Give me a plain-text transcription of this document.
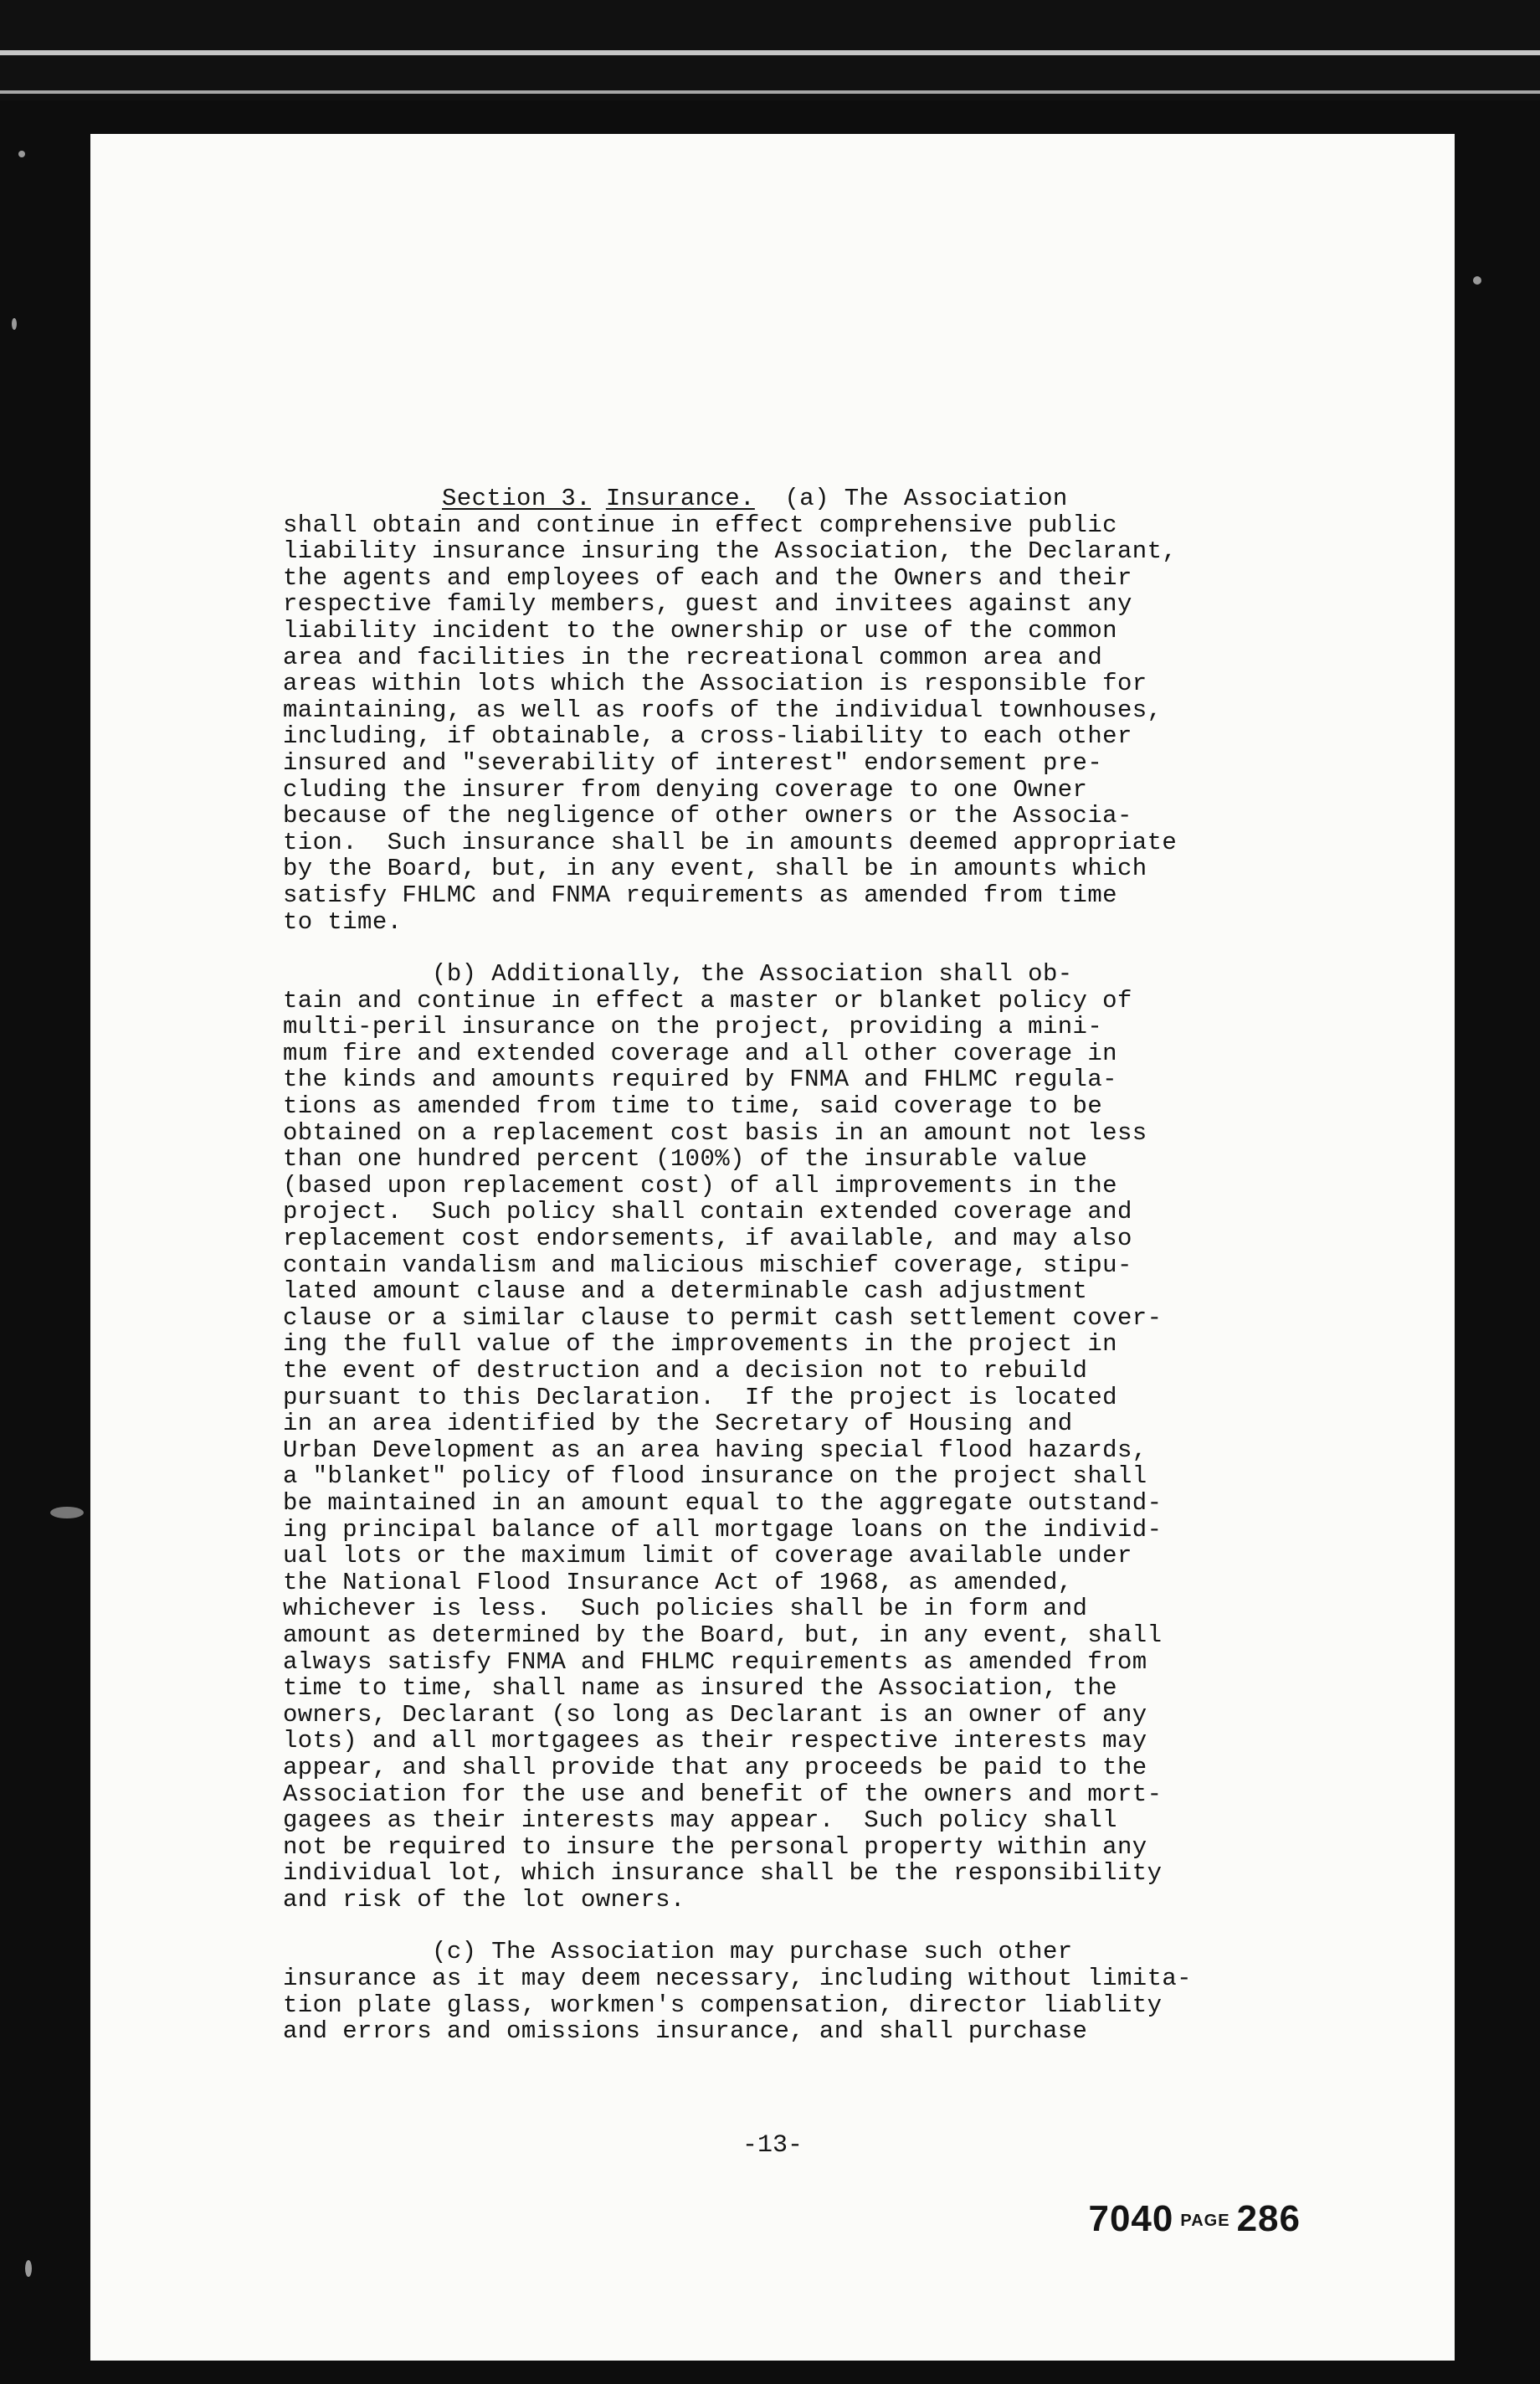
Section 3. Insurance. (a) The Association
shall obtain and continue in effect comprehensive public
liability insurance insuring the Association, the Declarant,
the agents and employees of each and the Owners and their
respective family members, guest and invitees against any
liability incident to the ownership or use of the common
area and facilities in the recreational common area and
areas within lots which the Association is responsible for
maintaining, as well as roofs of the individual townhouses,
including, if obtainable, a cross-liability to each other
insured and "severability of interest" endorsement pre-
cluding the insurer from denying coverage to one Owner
because of the negligence of other owners or the Associa-
tion.  Such insurance shall be in amounts deemed appropriate
by the Board, but, in any event, shall be in amounts which
satisfy FHLMC and FNMA requirements as amended from time
to time.
(b) Additionally, the Association shall ob-
tain and continue in effect a master or blanket policy of
multi-peril insurance on the project, providing a mini-
mum fire and extended coverage and all other coverage in
the kinds and amounts required by FNMA and FHLMC regula-
tions as amended from time to time, said coverage to be
obtained on a replacement cost basis in an amount not less
than one hundred percent (100%) of the insurable value
(based upon replacement cost) of all improvements in the
project.  Such policy shall contain extended coverage and
replacement cost endorsements, if available, and may also
contain vandalism and malicious mischief coverage, stipu-
lated amount clause and a determinable cash adjustment
clause or a similar clause to permit cash settlement cover-
ing the full value of the improvements in the project in
the event of destruction and a decision not to rebuild
pursuant to this Declaration.  If the project is located
in an area identified by the Secretary of Housing and
Urban Development as an area having special flood hazards,
a "blanket" policy of flood insurance on the project shall
be maintained in an amount equal to the aggregate outstand-
ing principal balance of all mortgage loans on the individ-
ual lots or the maximum limit of coverage available under
the National Flood Insurance Act of 1968, as amended,
whichever is less.  Such policies shall be in form and
amount as determined by the Board, but, in any event, shall
always satisfy FNMA and FHLMC requirements as amended from
time to time, shall name as insured the Association, the
owners, Declarant (so long as Declarant is an owner of any
lots) and all mortgagees as their respective interests may
appear, and shall provide that any proceeds be paid to the
Association for the use and benefit of the owners and mort-
gagees as their interests may appear.  Such policy shall
not be required to insure the personal property within any
individual lot, which insurance shall be the responsibility
and risk of the lot owners.
(c) The Association may purchase such other
insurance as it may deem necessary, including without limita-
tion plate glass, workmen's compensation, director liablity
and errors and omissions insurance, and shall purchase
-13-
7040 PAGE 286
